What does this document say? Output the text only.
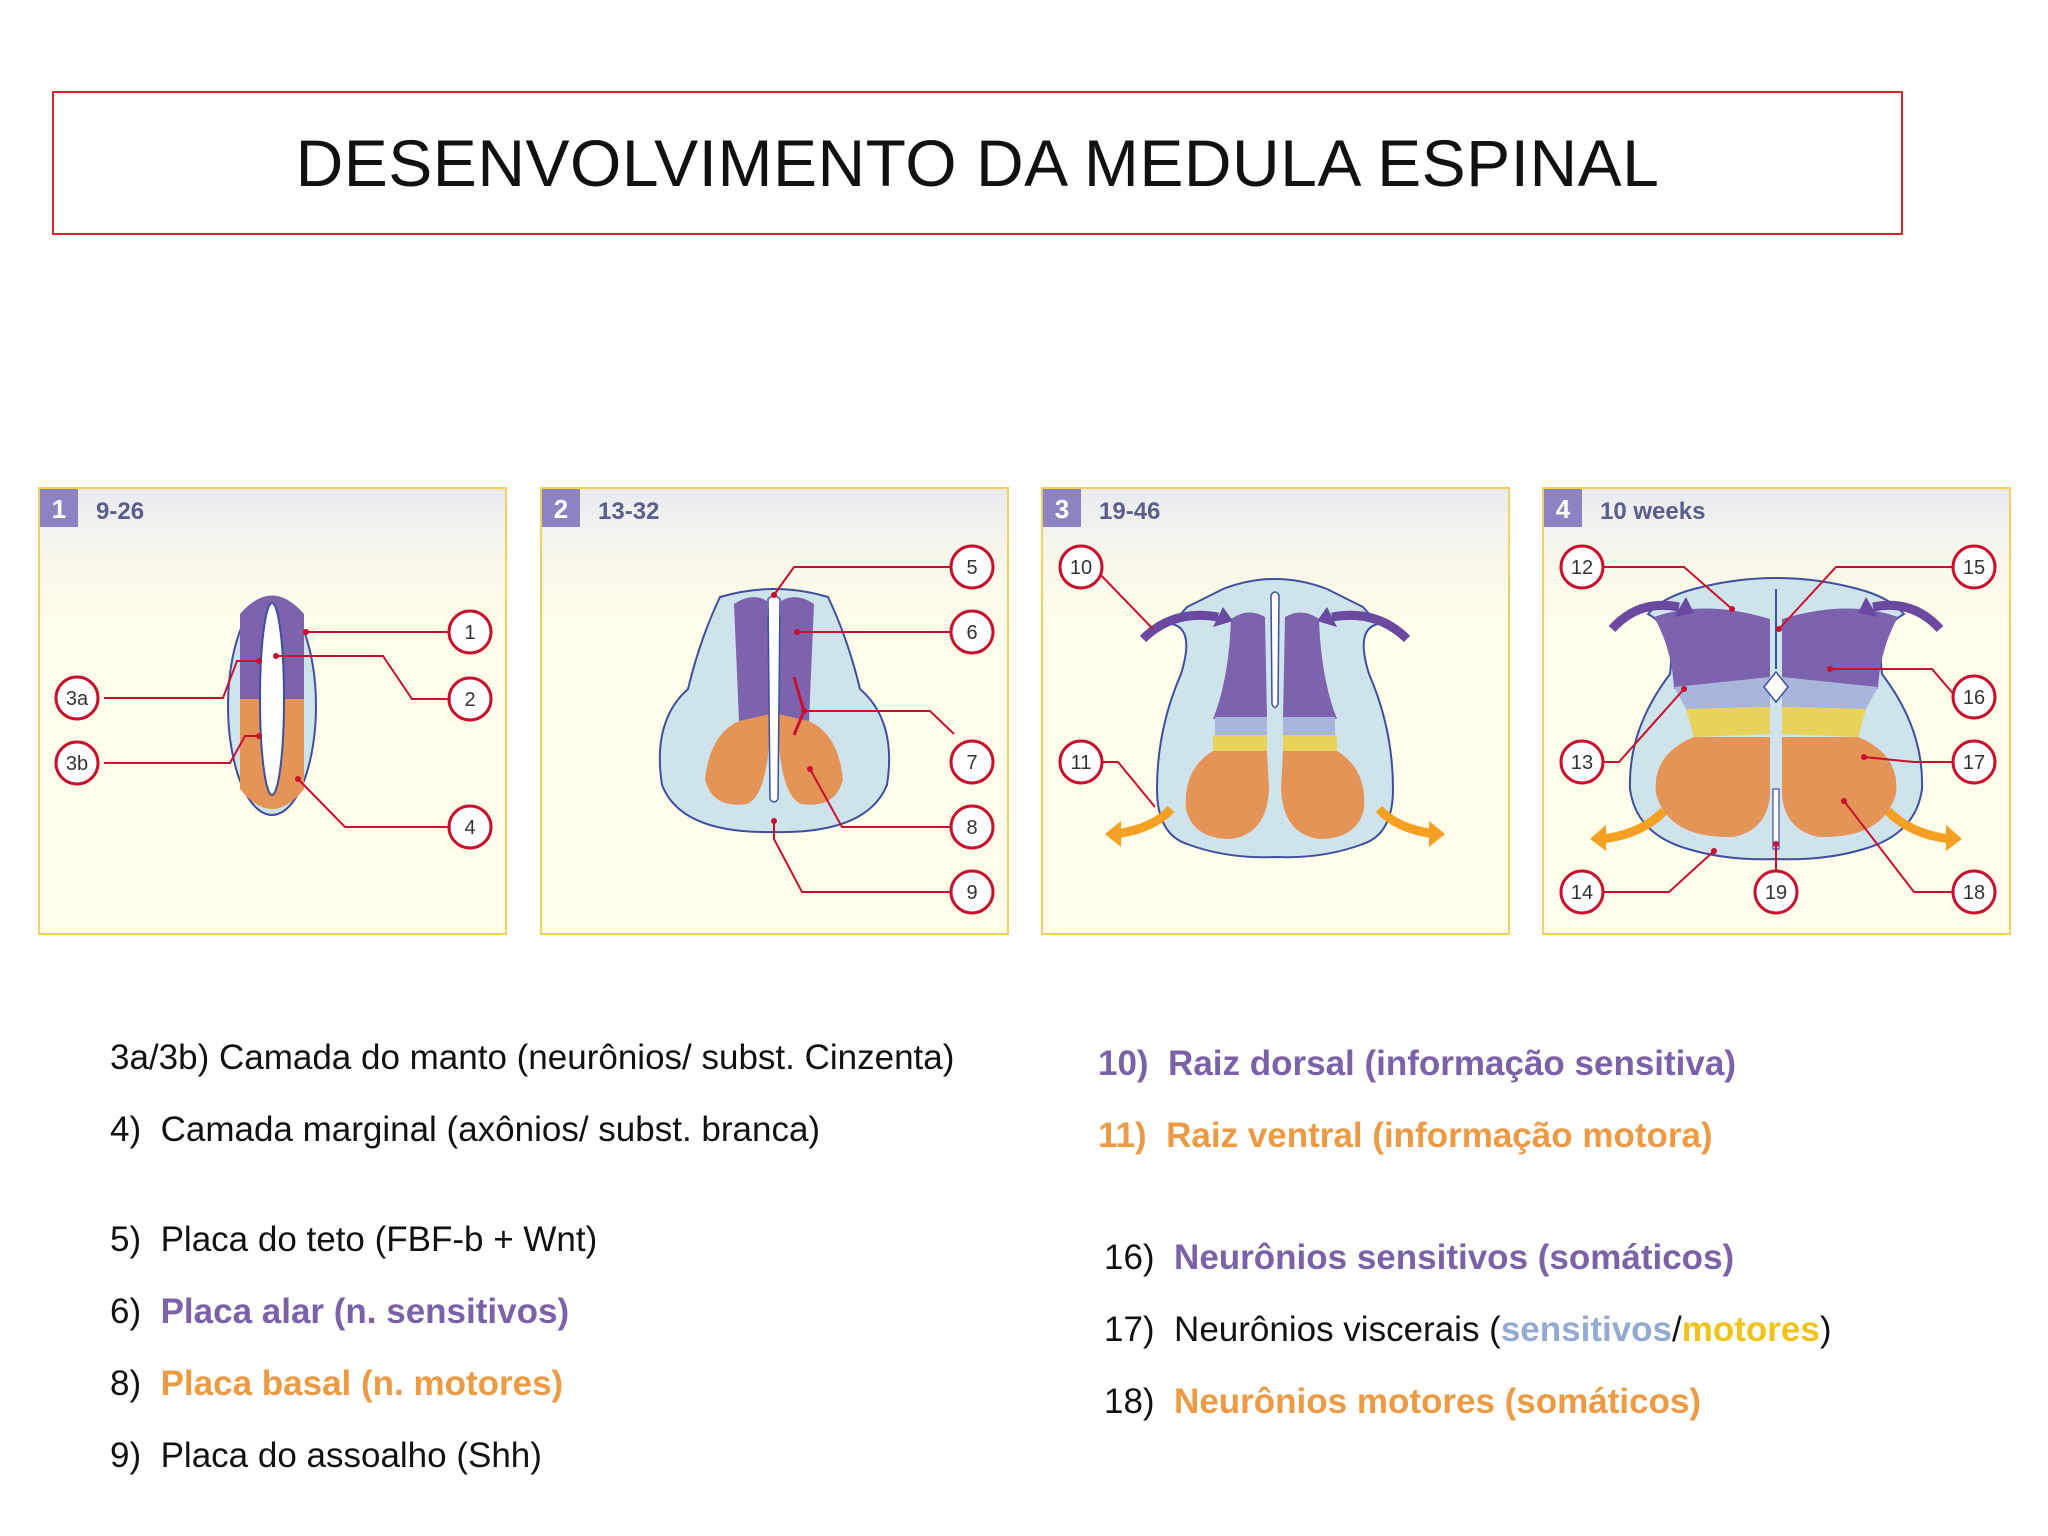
DESENVOLVIMENTO DA MEDULA ESPINAL
1 9-26
1
2
3a
3b
4
2 13-32
5
6
7
8
9
3 19-46
10
11
4 10 weeks
12
13
14
15
16
17
18
19
3a/3b) Camada do manto (neurônios/ subst. Cinzenta)
4) Camada marginal (axônios/ subst. branca)
5) Placa do teto (FBF-b + Wnt)
6) Placa alar (n. sensitivos)
8) Placa basal (n. motores)
9) Placa do assoalho (Shh)
10) Raiz dorsal (informação sensitiva)
11) Raiz ventral (informação motora)
16) Neurônios sensitivos (somáticos)
17) Neurônios viscerais (sensitivos/motores)
18) Neurônios motores (somáticos)
